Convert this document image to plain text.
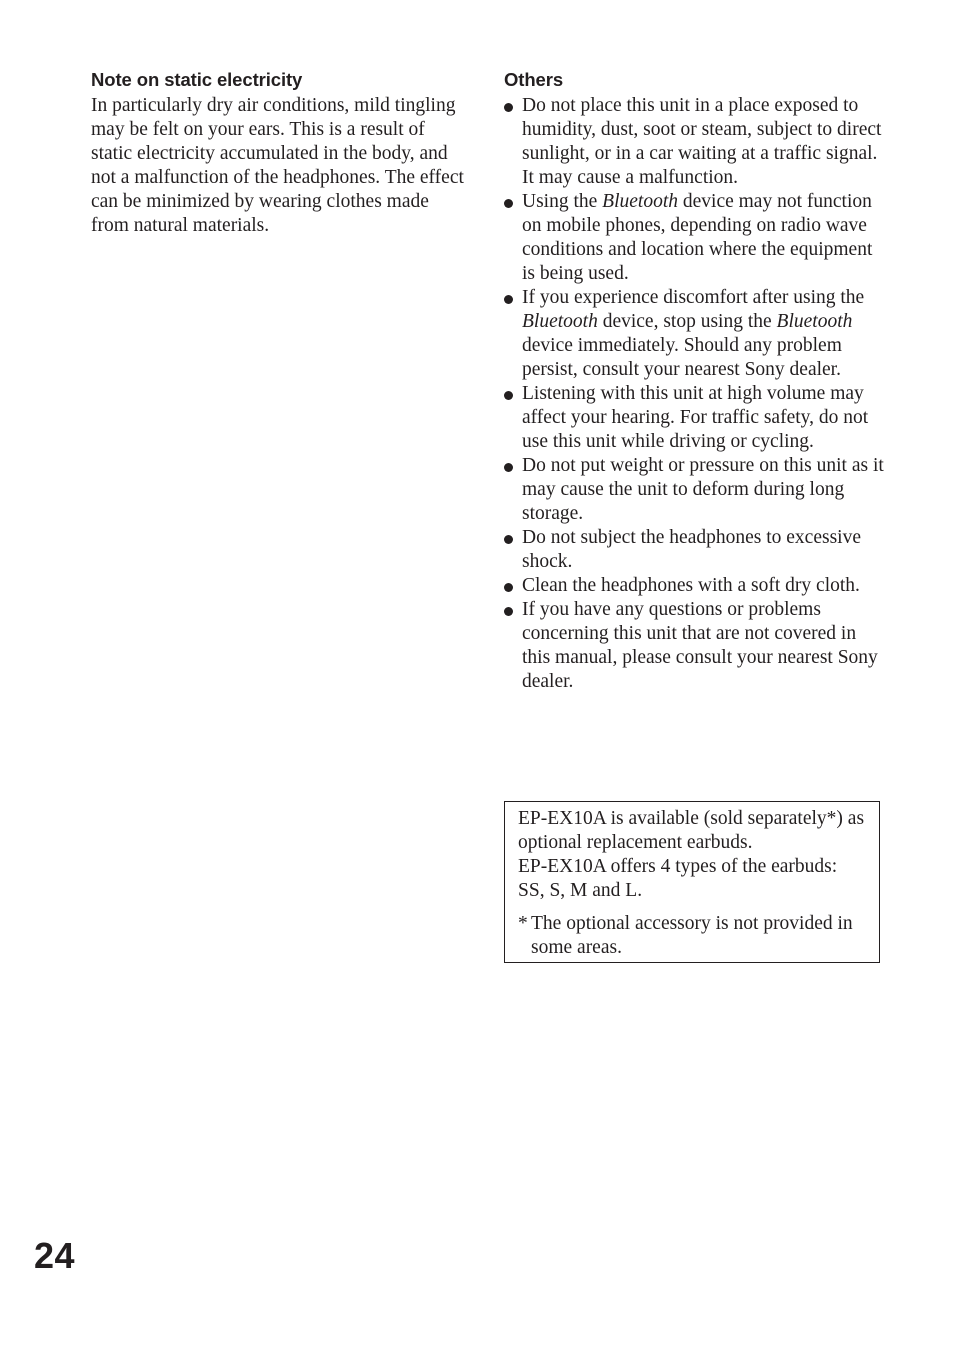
Note on static electricity

In particularly dry air conditions, mild tingling may be felt on your ears. This is a result of static electricity accumulated in the body, and not a malfunction of the headphones. The effect can be minimized by wearing clothes made from natural materials.

Others
Do not place this unit in a place exposed to humidity, dust, soot or steam, subject to direct sunlight, or in a car waiting at a traffic signal. It may cause a malfunction.
Using the Bluetooth device may not function on mobile phones, depending on radio wave conditions and location where the equipment is being used.
If you experience discomfort after using the Bluetooth device, stop using the Bluetooth device immediately. Should any problem persist, consult your nearest Sony dealer.
Listening with this unit at high volume may affect your hearing. For traffic safety, do not use this unit while driving or cycling.
Do not put weight or pressure on this unit as it may cause the unit to deform during long storage.
Do not subject the headphones to excessive shock.
Clean the headphones with a soft dry cloth.
If you have any questions or problems concerning this unit that are not covered in this manual, please consult your nearest Sony dealer.

EP-EX10A is available (sold separately*) as optional replacement earbuds.

EP-EX10A offers 4 types of the earbuds: SS, S, M and L.

* The optional accessory is not provided in some areas.

24
